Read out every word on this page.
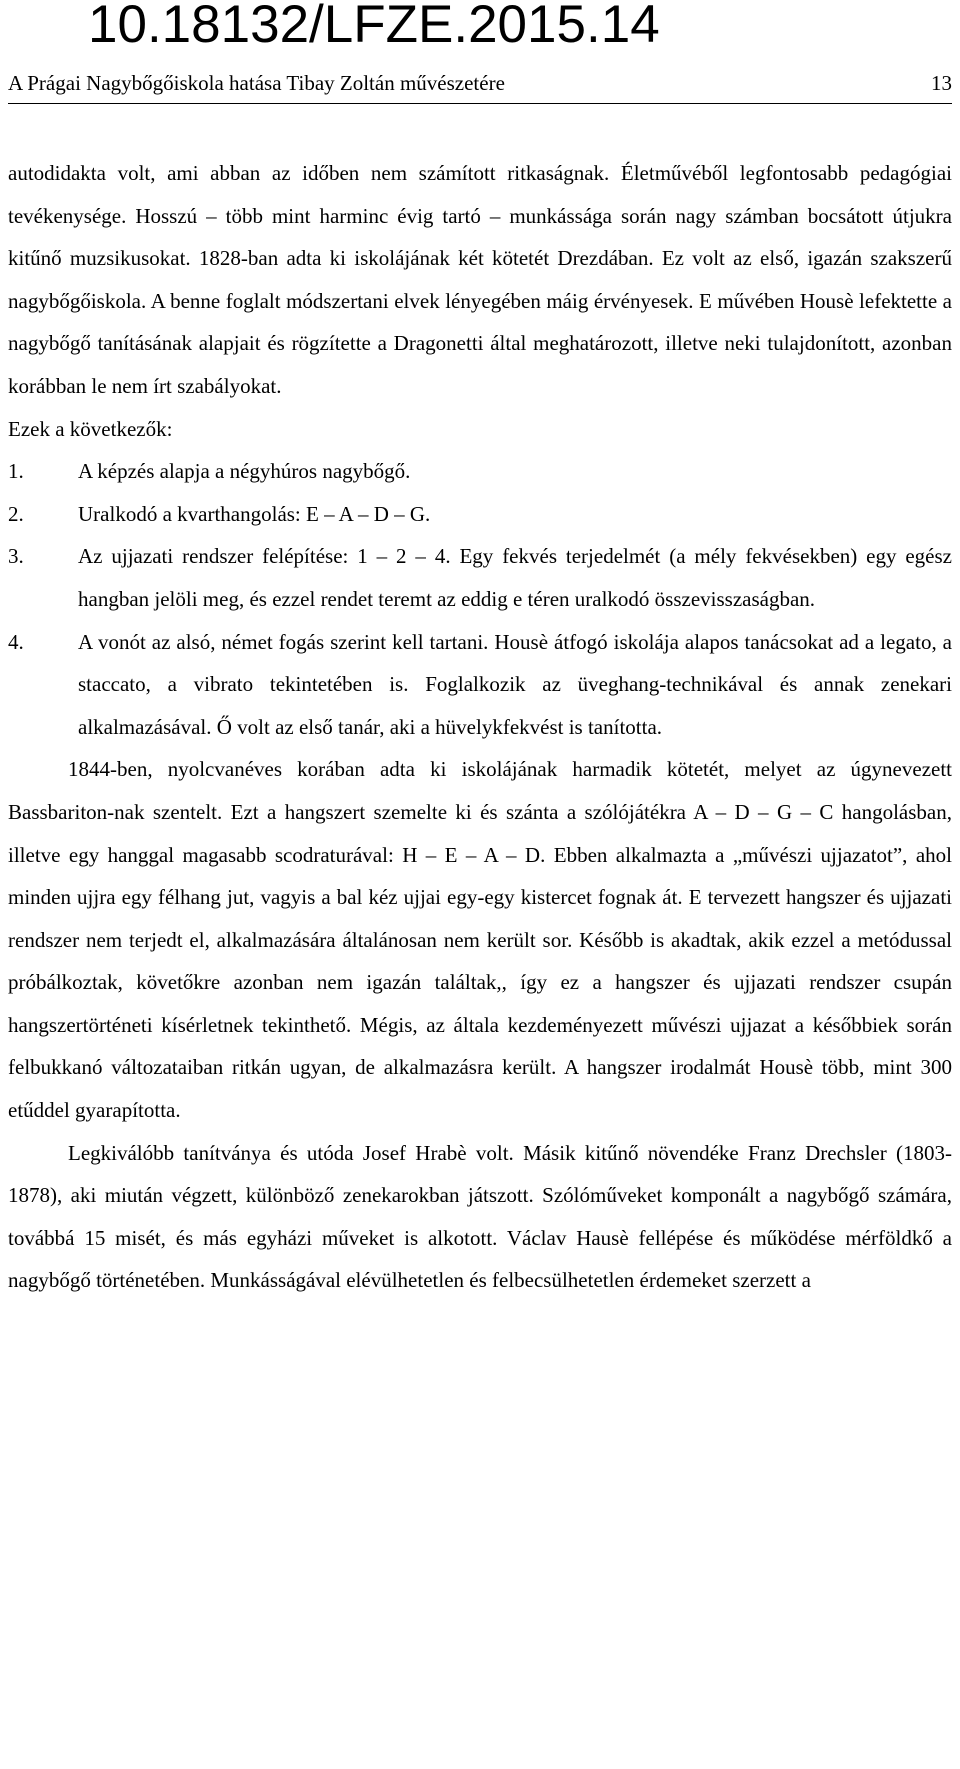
10.18132/LFZE.2015.14
A Prágai Nagybőgőiskola hatása Tibay Zoltán művészetére	13

autodidakta volt, ami abban az időben nem számított ritkaságnak. Életművéből legfontosabb pedagógiai tevékenysége. Hosszú – több mint harminc évig tartó – munkássága során nagy számban bocsátott útjukra kitűnő muzsikusokat. 1828-ban adta ki iskolájának két kötetét Drezdában. Ez volt az első, igazán szakszerű nagybőgőiskola. A benne foglalt módszertani elvek lényegében máig érvényesek. E művében Housè lefektette a nagybőgő tanításának alapjait és rögzítette a Dragonetti által meghatározott, illetve neki tulajdonított, azonban korábban le nem írt szabályokat.

Ezek a következők:

1.	A képzés alapja a négyhúros nagybőgő.
2.	Uralkodó a kvarthangolás: E – A – D – G.
3.	Az ujjazati rendszer felépítése: 1 – 2 – 4. Egy fekvés terjedelmét (a mély fekvésekben) egy egész hangban jelöli meg, és ezzel rendet teremt az eddig e téren uralkodó összevisszaságban.
4.	A vonót az alsó, német fogás szerint kell tartani. Housè átfogó iskolája alapos tanácsokat ad a legato, a staccato, a vibrato tekintetében is. Foglalkozik az üveghang-technikával és annak zenekari alkalmazásával. Ő volt az első tanár, aki a hüvelykfekvést is tanította.

1844-ben, nyolcvanéves korában adta ki iskolájának harmadik kötetét, melyet az úgynevezett Bassbariton-nak szentelt. Ezt a hangszert szemelte ki és szánta a szólójátékra A – D – G – C hangolásban, illetve egy hanggal magasabb scodraturával: H – E – A – D. Ebben alkalmazta a „művészi ujjazatot”, ahol minden ujjra egy félhang jut, vagyis a bal kéz ujjai egy-egy kistercet fognak át. E tervezett hangszer és ujjazati rendszer nem terjedt el, alkalmazására általánosan nem került sor. Később is akadtak, akik ezzel a metódussal próbálkoztak, követőkre azonban nem igazán találtak,, így ez a hangszer és ujjazati rendszer csupán hangszertörténeti kísérletnek tekinthető. Mégis, az általa kezdeményezett művészi ujjazat a későbbiek során felbukkanó változataiban ritkán ugyan, de alkalmazásra került. A hangszer irodalmát Housè több, mint 300 etűddel gyarapította.

Legkiválóbb tanítványa és utóda Josef Hrabè volt. Másik kitűnő növendéke Franz Drechsler (1803-1878), aki miután végzett, különböző zenekarokban játszott. Szólóműveket komponált a nagybőgő számára, továbbá 15 misét, és más egyházi műveket is alkotott. Václav Hausè fellépése és működése mérföldkő a nagybőgő történetében. Munkásságával elévülhetetlen és felbecsülhetetlen érdemeket szerzett a
